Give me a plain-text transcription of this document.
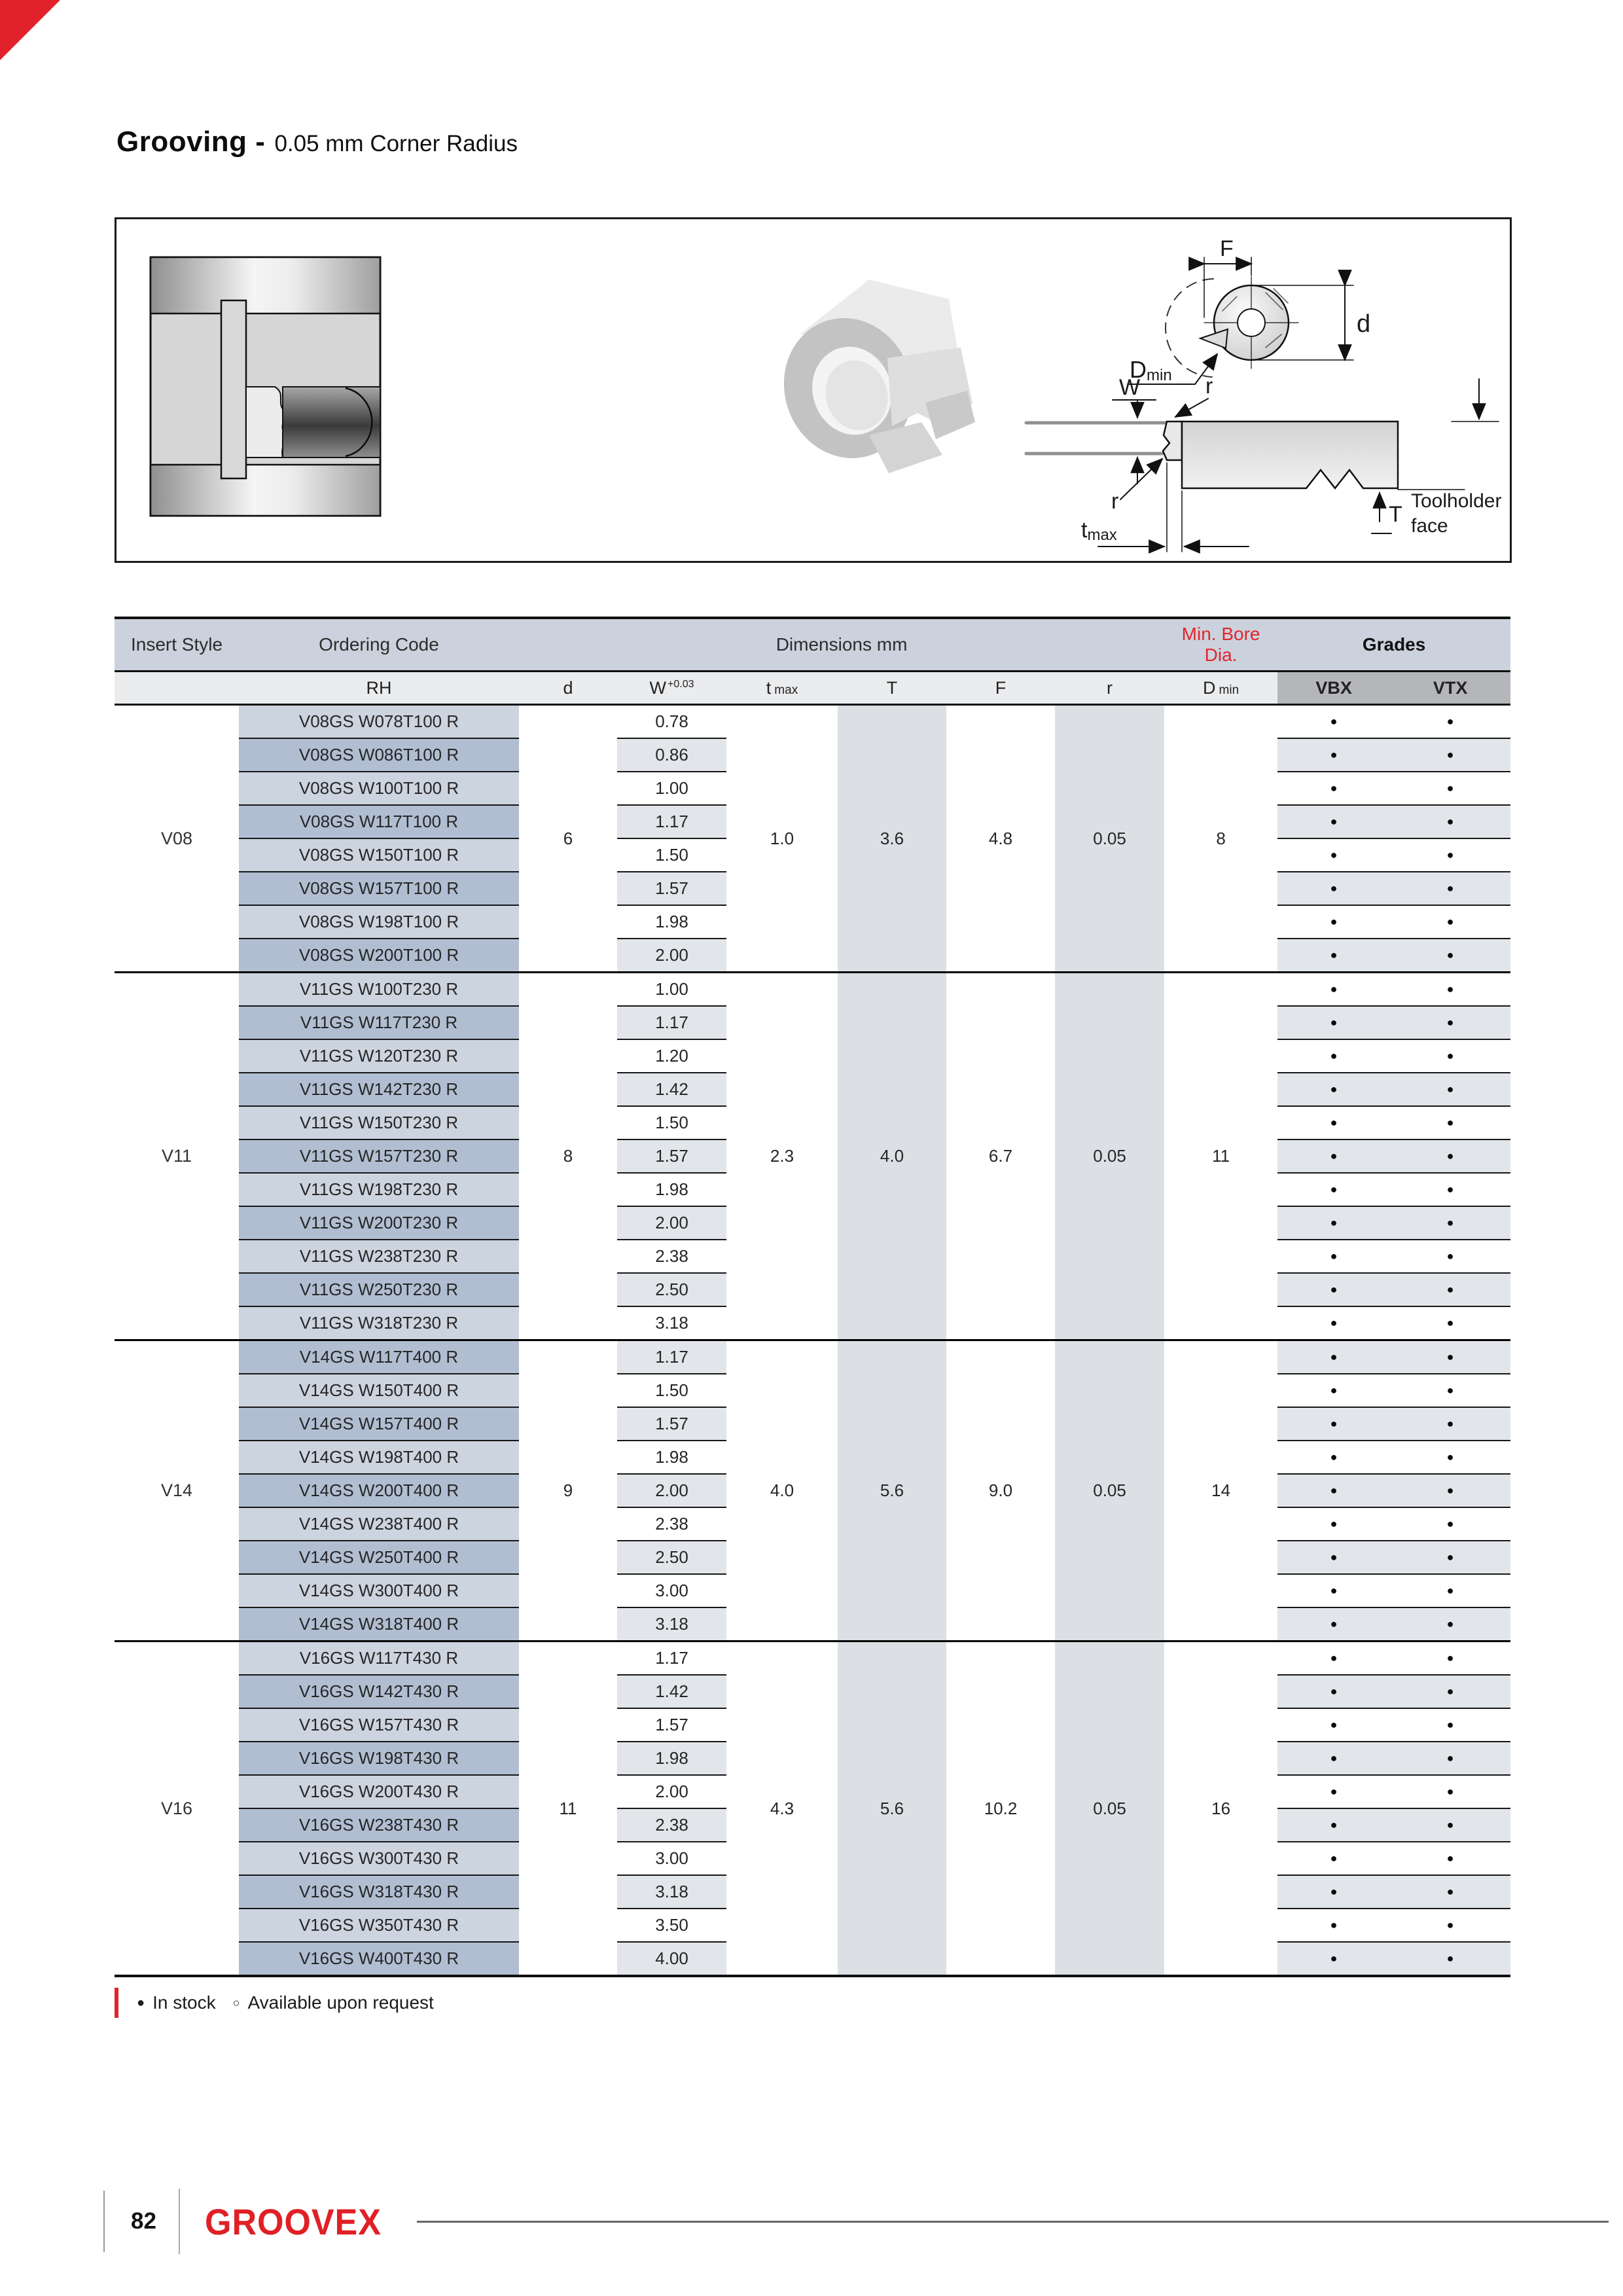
Grooving - 0.05 mm Corner Radius
F
d
Dmin
W	r
r
tmax
T
Toolholder
face
Insert Style	Ordering Code	Dimensions mm						Min. Bore Dia.	Grades	
	RH	d	W $^{+0.03}$	t max	T	F	r	D min	VBX	VTX
V08	V08GS W078T100 R	6	0.78	1.0	3.6	4.8	0.05	8	●	●
	V08GS W086T100 R		0.86						●	●
	V08GS W100T100 R		1.00						●	●
	V08GS W117T100 R		1.17						●	●
	V08GS W150T100 R		1.50						●	●
	V08GS W157T100 R		1.57						●	●
	V08GS W198T100 R		1.98						●	●
	V08GS W200T100 R		2.00						●	●
V11	V11GS W100T230 R	8	1.00	2.3	4.0	6.7	0.05	11	●	●
	V11GS W117T230 R		1.17						●	●
	V11GS W120T230 R		1.20						●	●
	V11GS W142T230 R		1.42						●	●
	V11GS W150T230 R		1.50						●	●
	V11GS W157T230 R		1.57						●	●
	V11GS W198T230 R		1.98						●	●
	V11GS W200T230 R		2.00						●	●
	V11GS W238T230 R		2.38						●	●
	V11GS W250T230 R		2.50						●	●
	V11GS W318T230 R		3.18						●	●
V14	V14GS W117T400 R	9	1.17	4.0	5.6	9.0	0.05	14	●	●
	V14GS W150T400 R		1.50						●	●
	V14GS W157T400 R		1.57						●	●
	V14GS W198T400 R		1.98						●	●
	V14GS W200T400 R		2.00						●	●
	V14GS W238T400 R		2.38						●	●
	V14GS W250T400 R		2.50						●	●
	V14GS W300T400 R		3.00						●	●
	V14GS W318T400 R		3.18						●	●
V16	V16GS W117T430 R	11	1.17	4.3	5.6	10.2	0.05	16	●	●
	V16GS W142T430 R		1.42						●	●
	V16GS W157T430 R		1.57						●	●
	V16GS W198T430 R		1.98						●	●
	V16GS W200T430 R		2.00						●	●
	V16GS W238T430 R		2.38						●	●
	V16GS W300T430 R		3.00						●	●
	V16GS W318T430 R		3.18						●	●
	V16GS W350T430 R		3.50						●	●
	V16GS W400T430 R		4.00						●	●
● In stock ○ Available upon request
82 GROOVEX
